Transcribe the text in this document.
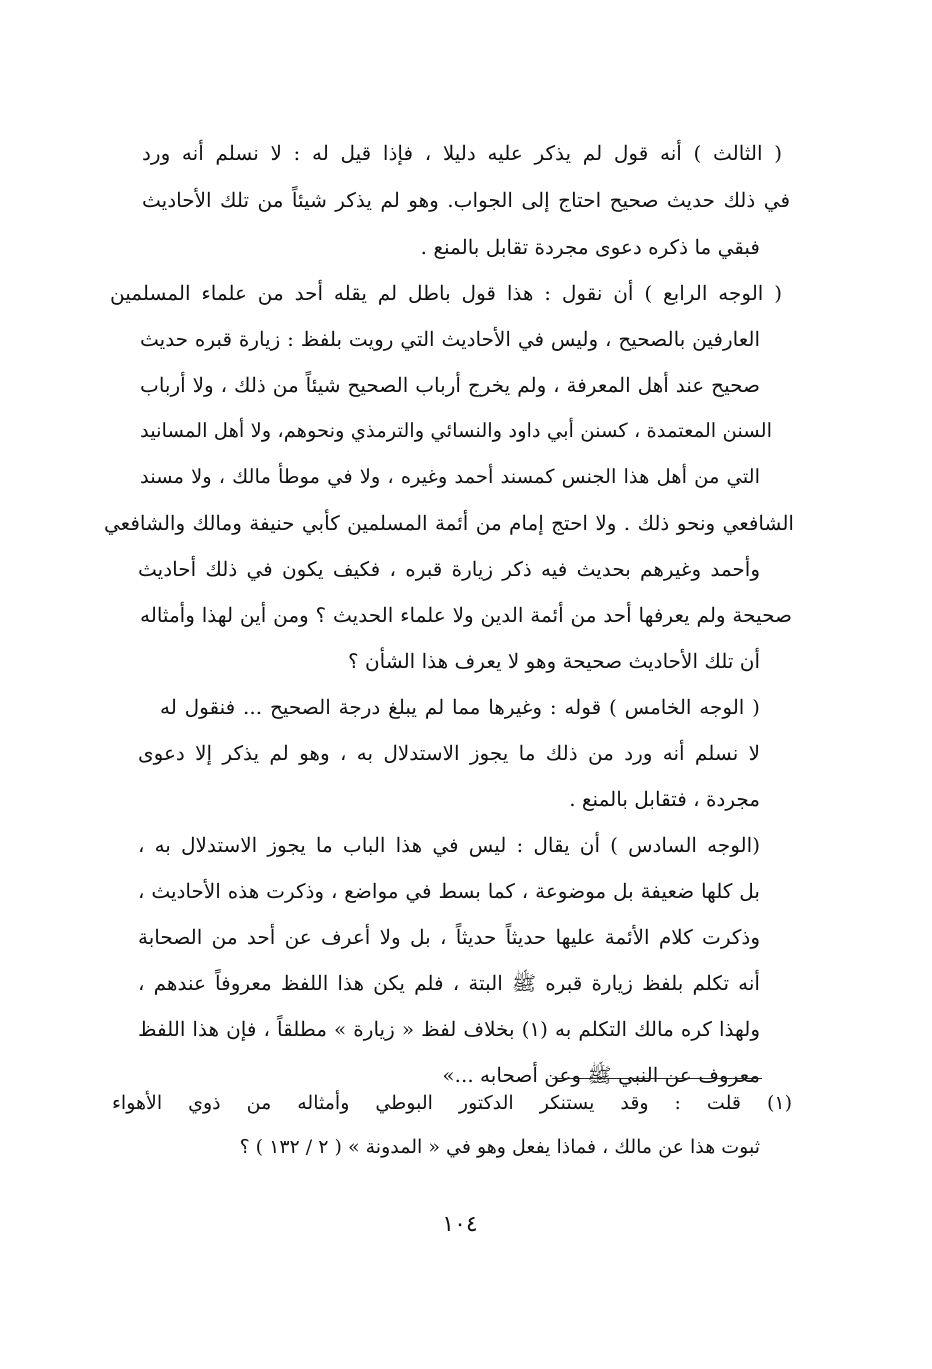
( الثالث ) أنه قول لم يذكر عليه دليلا ، فإذا قيل له : لا نسلم أنه ورد
في ذلك حديث صحيح احتاج إلى الجواب. وهو لم يذكر شيئاً من تلك الأحاديث
فبقي ما ذكره دعوى مجردة تقابل بالمنع .
( الوجه الرابع ) أن نقول : هذا قول باطل لم يقله أحد من علماء المسلمين
العارفين بالصحيح ، وليس في الأحاديث التي رويت بلفظ : زيارة قبره حديث
صحيح عند أهل المعرفة ، ولم يخرج أرباب الصحيح شيئاً من ذلك ، ولا أرباب
السنن المعتمدة ، كسنن أبي داود والنسائي والترمذي ونحوهم، ولا أهل المسانيد
التي من أهل هذا الجنس كمسند أحمد وغيره ، ولا في موطأ مالك ، ولا مسند
الشافعي ونحو ذلك . ولا احتج إمام من أئمة المسلمين كأبي حنيفة ومالك والشافعي
وأحمد وغيرهم بحديث فيه ذكر زيارة قبره ، فكيف يكون في ذلك أحاديث
صحيحة ولم يعرفها أحد من أئمة الدين ولا علماء الحديث ؟ ومن أين لهذا وأمثاله
أن تلك الأحاديث صحيحة وهو لا يعرف هذا الشأن ؟
( الوجه الخامس ) قوله : وغيرها مما لم يبلغ درجة الصحيح ... فنقول له
لا نسلم أنه ورد من ذلك ما يجوز الاستدلال به ، وهو لم يذكر إلا دعوى
مجردة ، فتقابل بالمنع .
(الوجه السادس ) أن يقال : ليس في هذا الباب ما يجوز الاستدلال به ،
بل كلها ضعيفة بل موضوعة ، كما بسط في مواضع ، وذكرت هذه الأحاديث ،
وذكرت كلام الأئمة عليها حديثاً حديثاً ، بل ولا أعرف عن أحد من الصحابة
أنه تكلم بلفظ زيارة قبره ﷺ البتة ، فلم يكن هذا اللفظ معروفاً عندهم ،
ولهذا كره مالك التكلم به (١) بخلاف لفظ « زيارة » مطلقاً ، فإن هذا اللفظ
معروف عن النبي ﷺ وعن أصحابه ...»
(١) قلت : وقد يستنكر الدكتور البوطي وأمثاله من ذوي الأهواء
ثبوت هذا عن مالك ، فماذا يفعل وهو في « المدونة » ( ٢ / ١٣٢ ) ؟
١٠٤
